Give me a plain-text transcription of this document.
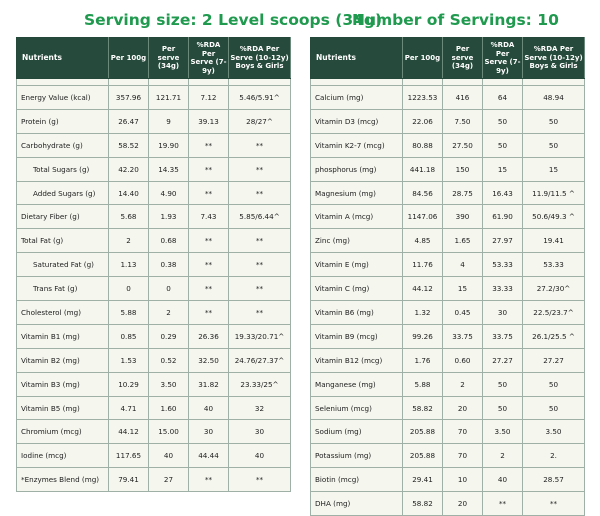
Serving size: 2 Level scoops (34g)
Number of Servings: 10
Nutrients	Per 100g	Per serve (34g)	%RDA Per Serve (7-9y)	%RDA Per Serve (10-12y) Boys & Girls

Energy Value (kcal)	357.96	121.71	7.12	5.46/5.91^
Protein (g)	26.47	9	39.13	28/27^
Carbohydrate (g)	58.52	19.90	**	**
Total Sugars (g)	42.20	14.35	**	**
Added Sugars (g)	14.40	4.90	**	**
Dietary Fiber (g)	5.68	1.93	7.43	5.85/6.44^
Total Fat (g)	2	0.68	**	**
Saturated Fat (g)	1.13	0.38	**	**
Trans Fat (g)	0	0	**	**
Cholesterol (mg)	5.88	2	**	**
Vitamin B1 (mg)	0.85	0.29	26.36	19.33/20.71^
Vitamin B2 (mg)	1.53	0.52	32.50	24.76/27.37^
Vitamin B3 (mg)	10.29	3.50	31.82	23.33/25^
Vitamin B5 (mg)	4.71	1.60	40	32
Chromium (mcg)	44.12	15.00	30	30
Iodine (mcg)	117.65	40	44.44	40
*Enzymes Blend (mg)	79.41	27	**	**
Nutrients	Per 100g	Per serve (34g)	%RDA Per Serve (7-9y)	%RDA Per Serve (10-12y) Boys & Girls

Calcium (mg)	1223.53	416	64	48.94
Vitamin D3 (mcg)	22.06	7.50	50	50
Vitamin K2-7 (mcg)	80.88	27.50	50	50
phosphorus (mg)	441.18	150	15	15
Magnesium (mg)	84.56	28.75	16.43	11.9/11.5 ^
Vitamin A (mcg)	1147.06	390	61.90	50.6/49.3 ^
Zinc (mg)	4.85	1.65	27.97	19.41
Vitamin E (mg)	11.76	4	53.33	53.33
Vitamin C (mg)	44.12	15	33.33	27.2/30^
Vitamin B6 (mg)	1.32	0.45	30	22.5/23.7^
Vitamin B9 (mcg)	99.26	33.75	33.75	26.1/25.5 ^
Vitamin B12 (mcg)	1.76	0.60	27.27	27.27
Manganese (mg)	5.88	2	50	50
Selenium (mcg)	58.82	20	50	50
Sodium (mg)	205.88	70	3.50	3.50
Potassium (mg)	205.88	70	2	2.
Biotin (mcg)	29.41	10	40	28.57
DHA (mg)	58.82	20	**	**
